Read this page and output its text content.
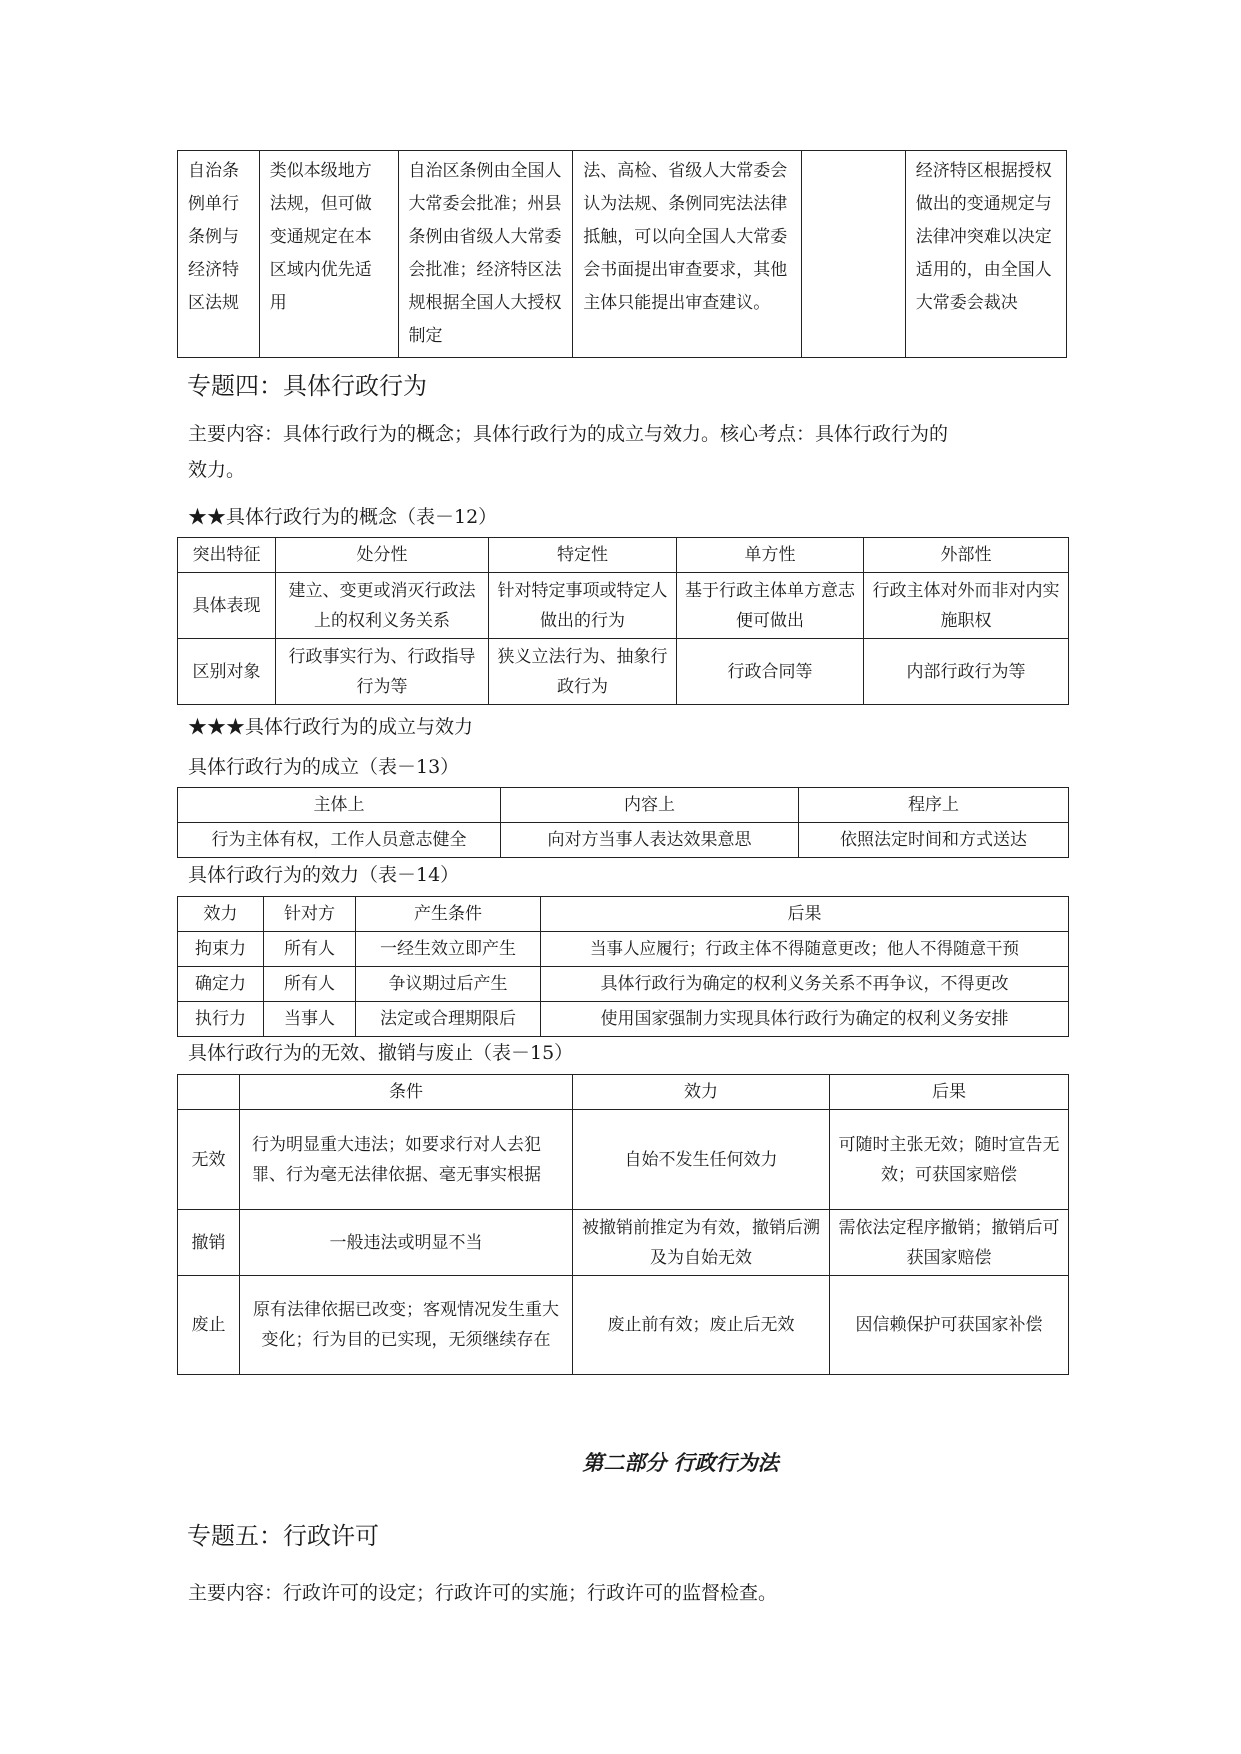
自治条例单行条例与经济特区法规	类似本级地方法规，但可做变通规定在本区域内优先适用	自治区条例由全国人大常委会批准；州县条例由省级人大常委会批准；经济特区法规根据全国人大授权制定	法、高检、省级人大常委会认为法规、条例同宪法法律抵触，可以向全国人大常委会书面提出审查要求，其他主体只能提出审查建议。		经济特区根据授权做出的变通规定与法律冲突难以决定适用的，由全国人大常委会裁决
专题四：具体行政行为
主要内容：具体行政行为的概念；具体行政行为的成立与效力。核心考点：具体行政行为的
效力。
★★具体行政行为的概念（表－12）
突出特征	处分性	特定性	单方性	外部性
具体表现	建立、变更或消灭行政法上的权利义务关系	针对特定事项或特定人做出的行为	基于行政主体单方意志便可做出	行政主体对外而非对内实施职权
区别对象	行政事实行为、行政指导行为等	狭义立法行为、抽象行政行为	行政合同等	内部行政行为等
★★★具体行政行为的成立与效力
具体行政行为的成立（表－13）
主体上	内容上	程序上
行为主体有权，工作人员意志健全	向对方当事人表达效果意思	依照法定时间和方式送达
具体行政行为的效力（表－14）
效力	针对方	产生条件	后果
拘束力	所有人	一经生效立即产生	当事人应履行；行政主体不得随意更改；他人不得随意干预
确定力	所有人	争议期过后产生	具体行政行为确定的权利义务关系不再争议，不得更改
执行力	当事人	法定或合理期限后	使用国家强制力实现具体行政行为确定的权利义务安排
具体行政行为的无效、撤销与废止（表－15）
	条件	效力	后果
无效	行为明显重大违法；如要求行对人去犯罪、行为毫无法律依据、毫无事实根据	自始不发生任何效力	可随时主张无效；随时宣告无效；可获国家赔偿
撤销	一般违法或明显不当	被撤销前推定为有效，撤销后溯及为自始无效	需依法定程序撤销；撤销后可获国家赔偿
废止	原有法律依据已改变；客观情况发生重大变化；行为目的已实现，无须继续存在	废止前有效；废止后无效	因信赖保护可获国家补偿
第二部分 行政行为法
专题五：行政许可
主要内容：行政许可的设定；行政许可的实施；行政许可的监督检查。
